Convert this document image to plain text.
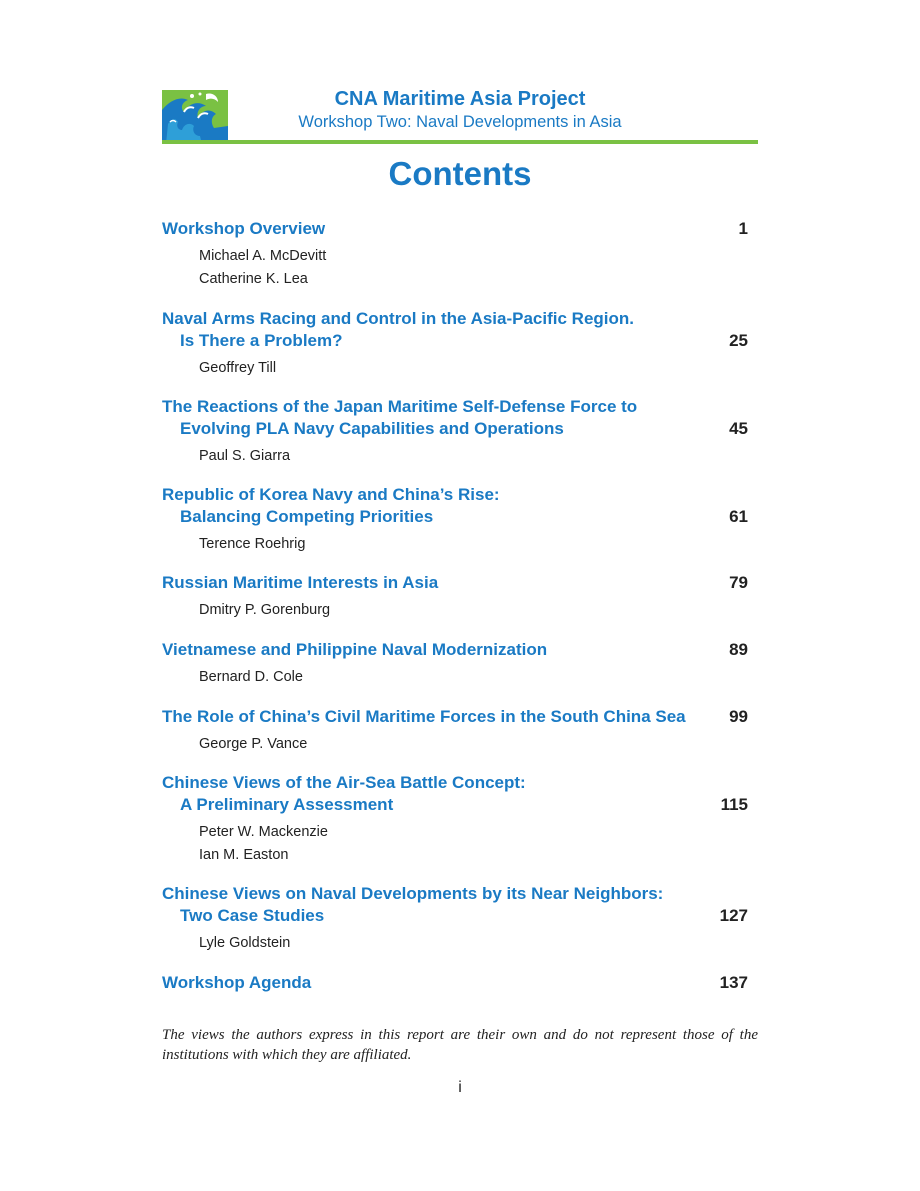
CNA Maritime Asia Project
Workshop Two: Naval Developments in Asia
Contents
1
Workshop Overview
Michael A. McDevitt
Catherine K. Lea
25
Naval Arms Racing and Control in the Asia-Pacific Region.
Is There a Problem?
Geoffrey Till
45
The Reactions of the Japan Maritime Self-Defense Force to
Evolving PLA Navy Capabilities and Operations
Paul S. Giarra
61
Republic of Korea Navy and China’s Rise:
Balancing Competing Priorities
Terence Roehrig
79
Russian Maritime Interests in Asia
Dmitry P. Gorenburg
89
Vietnamese and Philippine Naval Modernization
Bernard D. Cole
99
The Role of China’s Civil Maritime Forces in the South China Sea
George P. Vance
115
Chinese Views of the Air-Sea Battle Concept:
A Preliminary Assessment
Peter W. Mackenzie
Ian M. Easton
127
Chinese Views on Naval Developments by its Near Neighbors:
Two Case Studies
Lyle Goldstein
137
Workshop Agenda
The views the authors express in this report are their own and do not represent those of the institutions with which they are affiliated.
i
